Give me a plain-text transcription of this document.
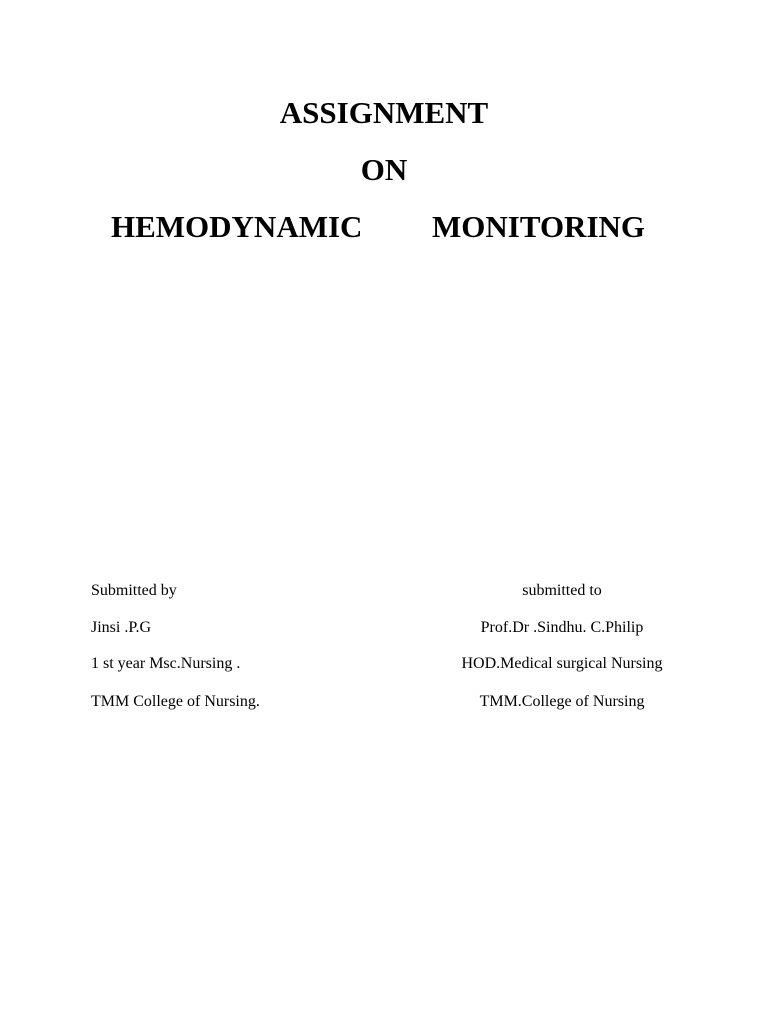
ASSIGNMENT
ON
HEMODYNAMIC MONITORING
Submitted by
Jinsi .P.G
1 st year Msc.Nursing .
TMM College of Nursing.
submitted to
Prof.Dr .Sindhu. C.Philip
HOD.Medical surgical Nursing
TMM.College of Nursing
